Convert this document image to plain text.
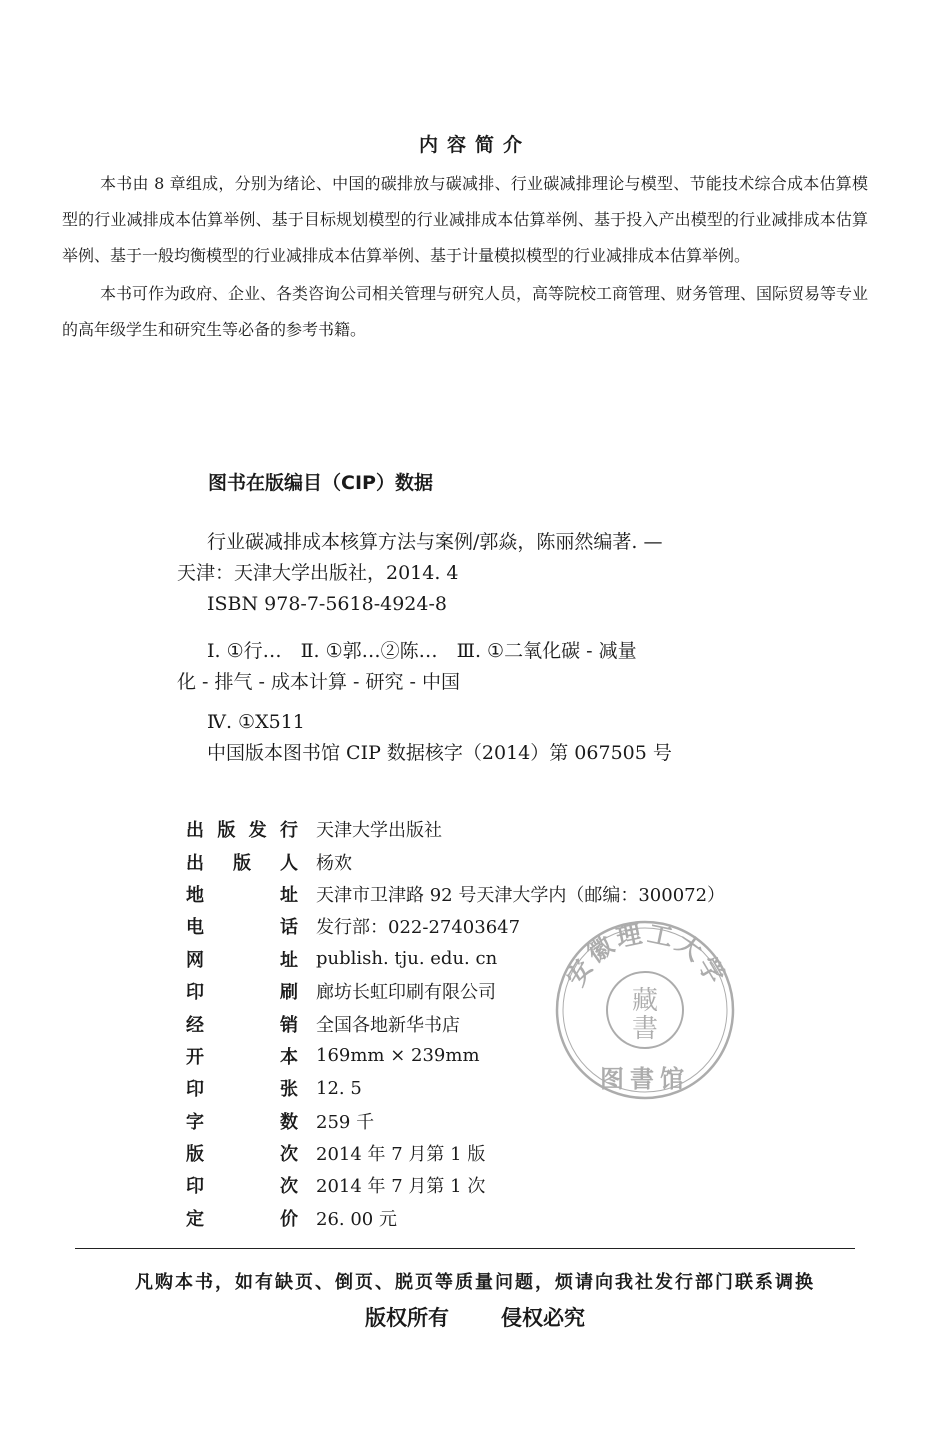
内容简介

本书由 8 章组成，分别为绪论、中国的碳排放与碳减排、行业碳减排理论与模型、节能技术综合成本估算模型的行业减排成本估算举例、基于目标规划模型的行业减排成本估算举例、基于投入产出模型的行业减排成本估算举例、基于一般均衡模型的行业减排成本估算举例、基于计量模拟模型的行业减排成本估算举例。

本书可作为政府、企业、各类咨询公司相关管理与研究人员，高等院校工商管理、财务管理、国际贸易等专业的高年级学生和研究生等必备的参考书籍。

图书在版编目（CIP）数据
行业碳减排成本核算方法与案例/郭焱，陈丽然编著. —
天津：天津大学出版社，2014. 4
ISBN 978-7-5618-4924-8
Ⅰ. ①行…　Ⅱ. ①郭…②陈…　Ⅲ. ①二氧化碳 - 减量
化 - 排气 - 成本计算 - 研究 - 中国
Ⅳ. ①X511
中国版本图书馆 CIP 数据核字（2014）第 067505 号
出版发行	天津大学出版社
出版人	杨欢
地址	天津市卫津路 92 号天津大学内（邮编：300072）
电话	发行部：022-27403647
网址	publish. tju. edu. cn
印刷	廊坊长虹印刷有限公司
经销	全国各地新华书店
开本	169mm × 239mm
印张	12. 5
字数	259 千
版次	2014 年 7 月第 1 版
印次	2014 年 7 月第 1 次
定价	26. 00 元
安徽理工大学
藏
書
图書馆
凡购本书，如有缺页、倒页、脱页等质量问题，烦请向我社发行部门联系调换
版权所有 侵权必究
